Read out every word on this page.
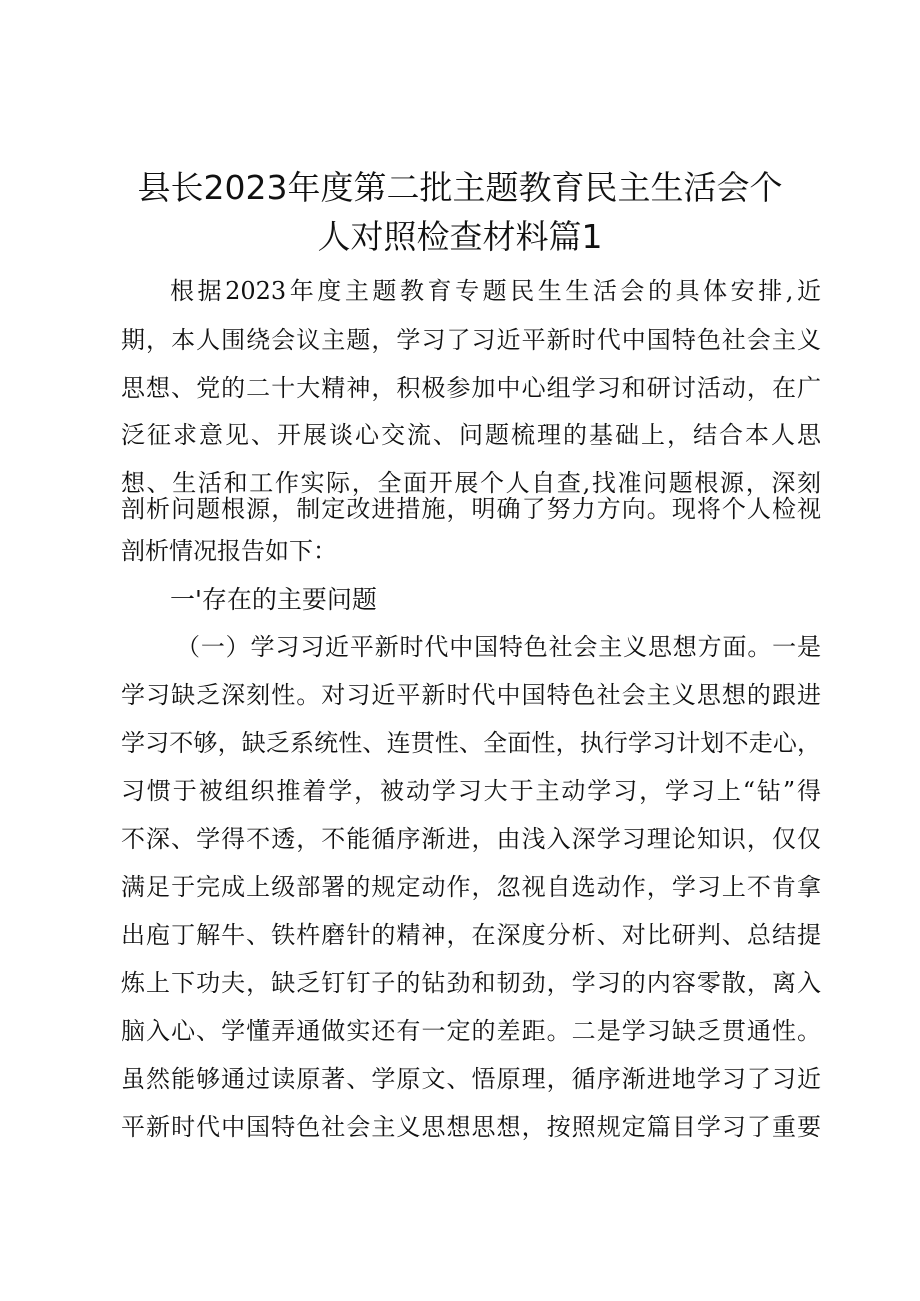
县长2023年度第二批主题教育民主生活会个
人对照检查材料篇1
根据2023年度主题教育专题民生生活会的具体安排,近
期，本人围绕会议主题，学习了习近平新时代中国特色社会主义
思想、党的二十大精神，积极参加中心组学习和研讨活动，在广
泛征求意见、开展谈心交流、问题梳理的基础上，结合本人思
想、生活和工作实际，全面开展个人自查,找准问题根源，深刻
剖析问题根源，制定改进措施，明确了努力方向。现将个人检视
剖析情况报告如下：
一'存在的主要问题
（一）学习习近平新时代中国特色社会主义思想方面。一是
学习缺乏深刻性。对习近平新时代中国特色社会主义思想的跟进
学习不够，缺乏系统性、连贯性、全面性，执行学习计划不走心，
习惯于被组织推着学，被动学习大于主动学习，学习上“钻”得
不深、学得不透，不能循序渐进，由浅入深学习理论知识，仅仅
满足于完成上级部署的规定动作，忽视自选动作，学习上不肯拿
出庖丁解牛、铁杵磨针的精神，在深度分析、对比研判、总结提
炼上下功夫，缺乏钉钉子的钻劲和韧劲，学习的内容零散，离入
脑入心、学懂弄通做实还有一定的差距。二是学习缺乏贯通性。
虽然能够通过读原著、学原文、悟原理，循序渐进地学习了习近
平新时代中国特色社会主义思想思想，按照规定篇目学习了重要
